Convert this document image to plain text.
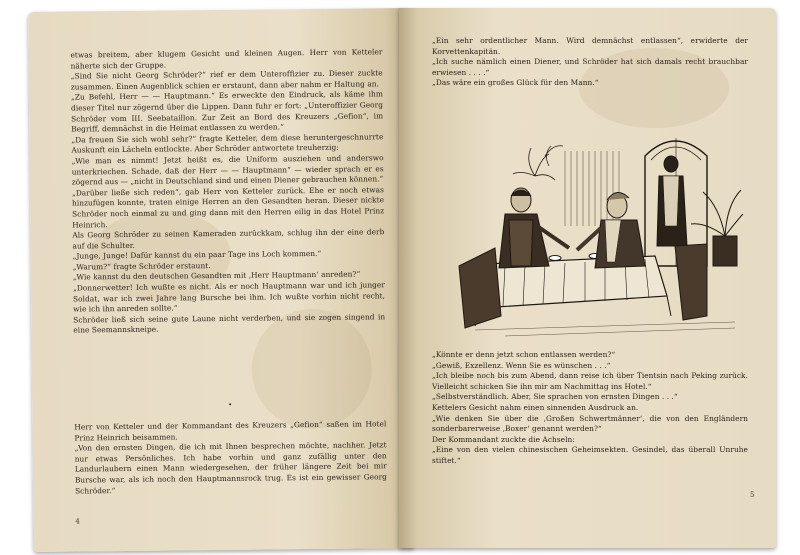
etwas breitem, aber klugem Gesicht und kleinen Augen. Herr von Ketteler näherte sich der Gruppe.

„Sind Sie nicht Georg Schröder?“ rief er dem Unteroffizier zu. Dieser zuckte zusammen. Einen Augenblick schien er erstaunt, dann aber nahm er Haltung an.

„Zu Befehl, Herr — — Hauptmann.“ Es erweckte den Eindruck, als käme ihm dieser Titel nur zögernd über die Lippen. Dann fuhr er fort: „Unteroffizier Georg Schröder vom III. Seebataillon. Zur Zeit an Bord des Kreuzers „Gefion“, im Begriff, demnächst in die Heimat entlassen zu werden.“

„Da freuen Sie sich wohl sehr?“ fragte Ketteler, dem diese heruntergeschnurrte Auskunft ein Lächeln entlockte. Aber Schröder antwortete treuherzig:

„Wie man es nimmt! Jetzt heißt es, die Uniform ausziehen und anderswo unterkriechen. Schade, daß der Herr — — Hauptmann“ — wieder sprach er es zögernd aus — „nicht in Deutschland sind und einen Diener gebrauchen können.“

„Darüber ließe sich reden“, gab Herr von Ketteler zurück. Ehe er noch etwas hinzufügen konnte, traten einige Herren an den Gesandten heran. Dieser nickte Schröder noch einmal zu und ging dann mit den Herren eilig in das Hotel Prinz Heinrich.

Als Georg Schröder zu seinen Kameraden zurückkam, schlug ihn der eine derb auf die Schulter.

„Junge, Junge! Dafür kannst du ein paar Tage ins Loch kommen.“

„Warum?“ fragte Schröder erstaunt.

„Wie kannst du den deutschen Gesandten mit ‚Herr Hauptmann‘ anreden?“

„Donnerwetter! Ich wußte es nicht. Als er noch Hauptmann war und ich junger Soldat, war ich zwei Jahre lang Bursche bei ihm. Ich wußte vorhin nicht recht, wie ich ihn anreden sollte.“

Schröder ließ sich seine gute Laune nicht verderben, und sie zogen singend in eine Seemannskneipe.

•

Herr von Ketteler und der Kommandant des Kreuzers „Gefion“ saßen im Hotel Prinz Heinrich beisammen.

„Von den ernsten Dingen, die ich mit Ihnen besprechen möchte, nachher. Jetzt nur etwas Persönliches. Ich habe vorhin und ganz zufällig unter den Landurlaubern einen Mann wiedergesehen, der früher längere Zeit bei mir Bursche war, als ich noch den Hauptmannsrock trug. Es ist ein gewisser Georg Schröder.“

4

„Ein sehr ordentlicher Mann. Wird demnächst entlassen“, erwiderte der Korvettenkapitän.

„Ich suche nämlich einen Diener, und Schröder hat sich damals recht brauchbar erwiesen . . . .“

„Das wäre ein großes Glück für den Mann.“

„Könnte er denn jetzt schon entlassen werden?“

„Gewiß, Exzellenz. Wenn Sie es wünschen . . .“

„Ich bleibe noch bis zum Abend, dann reise ich über Tientsin nach Peking zurück. Vielleicht schicken Sie ihn mir am Nachmittag ins Hotel.“

„Selbstverständlich. Aber, Sie sprachen von ernsten Dingen . . .“

Kettelers Gesicht nahm einen sinnenden Ausdruck an.

„Wie denken Sie über die ‚Großen Schwertmänner‘, die von den Engländern sonderbarerweise ‚Boxer‘ genannt werden?“

Der Kommandant zuckte die Achseln:

„Eine von den vielen chinesischen Geheimsekten. Gesindel, das überall Unruhe stiftet.“

5
